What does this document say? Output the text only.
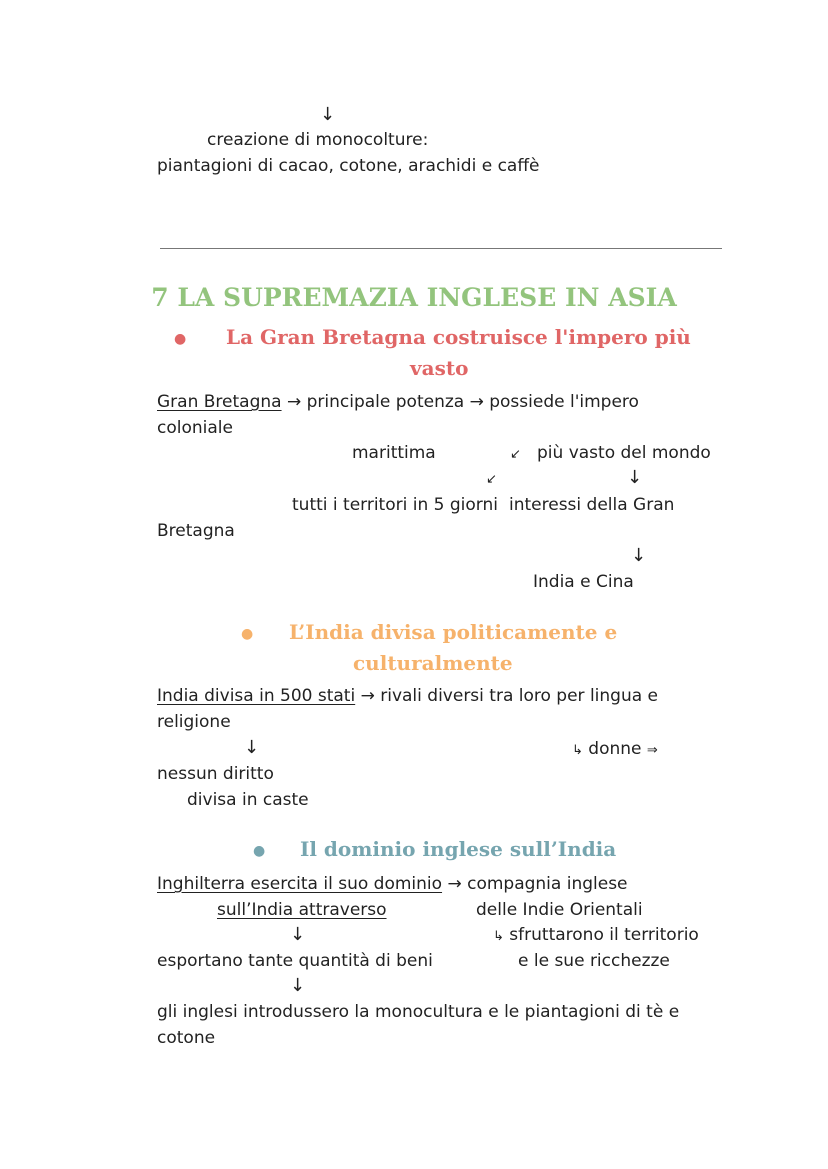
↓
creazione di monocolture:
piantagioni di cacao, cotone, arachidi e caffè
7 LA SUPREMAZIA INGLESE IN ASIA
● La Gran Bretagna costruisce l'impero più
vasto
Gran Bretagna → principale potenza → possiede l'impero
coloniale
marittima	↙ più vasto del mondo
↙	↓
tutti i territori in 5 giorni interessi della Gran
Bretagna
↓
India e Cina
● L’India divisa politicamente e
culturalmente
India divisa in 500 stati → rivali diversi tra loro per lingua e
religione
↓	↳ donne ⇒
nessun diritto
divisa in caste
● Il dominio inglese sull’India
Inghilterra esercita il suo dominio → compagnia inglese
sull’India attraverso	delle Indie Orientali
↓	↳ sfruttarono il territorio
esportano tante quantità di beni	e le sue ricchezze
↓
gli inglesi introdussero la monocultura e le piantagioni di tè e
cotone
